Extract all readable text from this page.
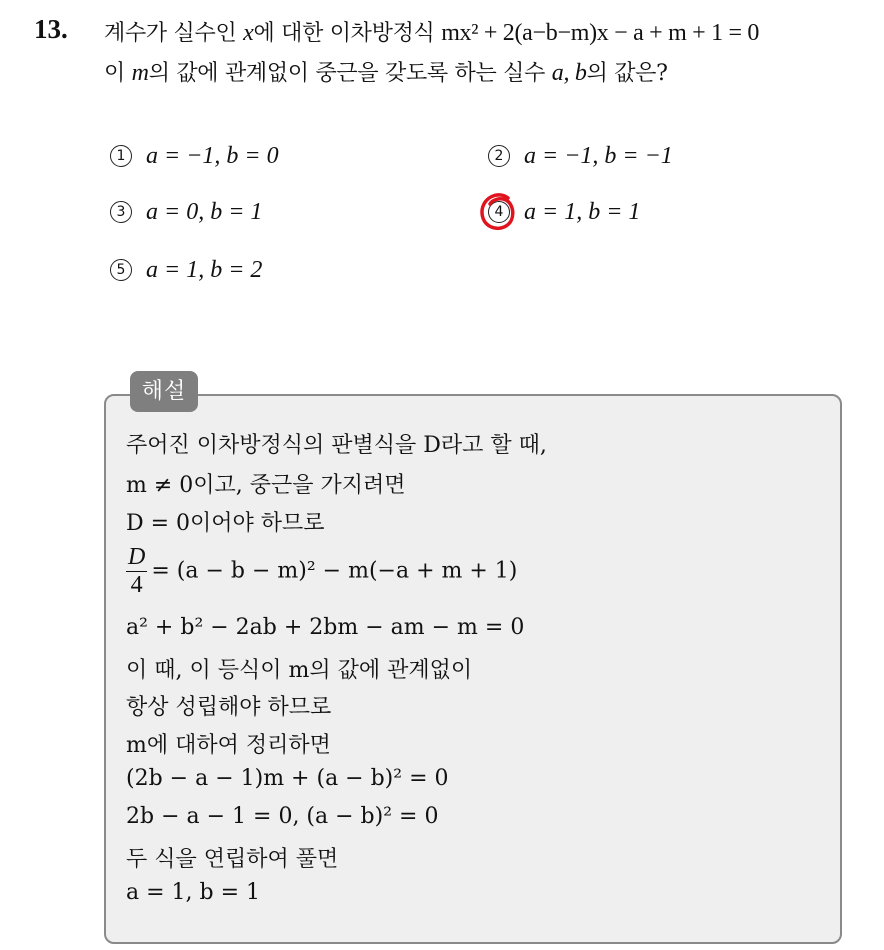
13. 계수가 실수인 x에 대한 이차방정식 mx² + 2(a−b−m)x − a + m + 1 = 0
이 m의 값에 관계없이 중근을 갖도록 하는 실수 a, b의 값은?
1 a = −1, b = 0	2 a = −1, b = −1
3 a = 0, b = 1	4 a = 1, b = 1
5 a = 1, b = 2
해설
주어진 이차방정식의 판별식을 D라고 할 때,
m ≠ 0이고, 중근을 가지려면
D = 0이어야 하므로
$\frac{D}{4} = (a - b - m)^2 - m(-a + m + 1)$
a² + b² − 2ab + 2bm − am − m = 0
이 때, 이 등식이 m의 값에 관계없이
항상 성립해야 하므로
m에 대하여 정리하면
(2b − a − 1)m + (a − b)² = 0
2b − a − 1 = 0, (a − b)² = 0
두 식을 연립하여 풀면
a = 1, b = 1
